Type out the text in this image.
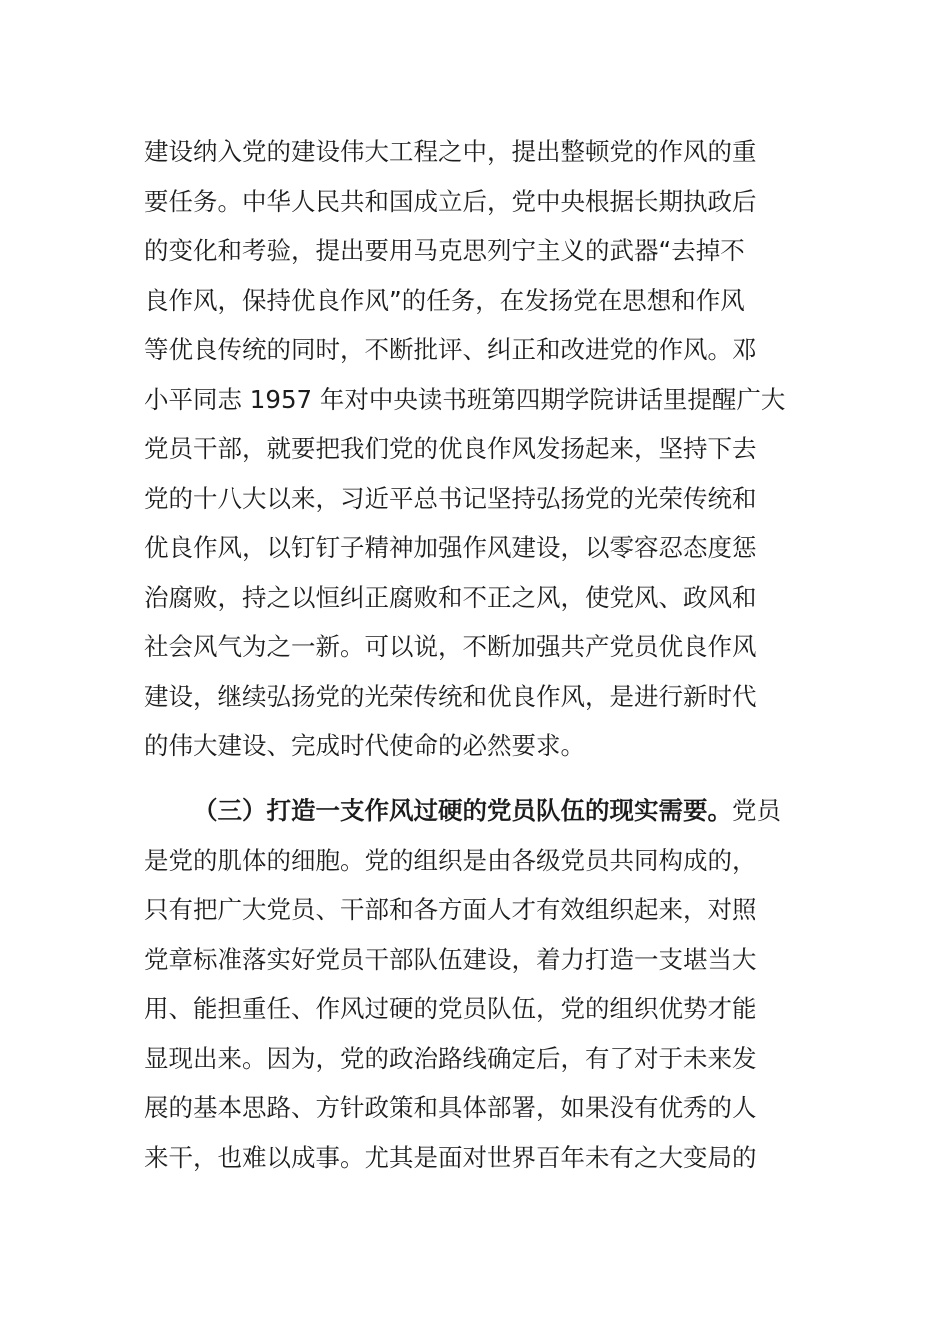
建设纳入党的建设伟大工程之中，提出整顿党的作风的重
要任务。中华人民共和国成立后，党中央根据长期执政后
的变化和考验，提出要用马克思列宁主义的武器“去掉不
良作风，保持优良作风”的任务，在发扬党在思想和作风
等优良传统的同时，不断批评、纠正和改进党的作风。邓
小平同志 1957 年对中央读书班第四期学院讲话里提醒广大
党员干部，就要把我们党的优良作风发扬起来，坚持下去
党的十八大以来，习近平总书记坚持弘扬党的光荣传统和
优良作风，以钉钉子精神加强作风建设，以零容忍态度惩
治腐败，持之以恒纠正腐败和不正之风，使党风、政风和
社会风气为之一新。可以说，不断加强共产党员优良作风
建设，继续弘扬党的光荣传统和优良作风，是进行新时代
的伟大建设、完成时代使命的必然要求。
（三）打造一支作风过硬的党员队伍的现实需要。党员
是党的肌体的细胞。党的组织是由各级党员共同构成的，
只有把广大党员、干部和各方面人才有效组织起来，对照
党章标准落实好党员干部队伍建设，着力打造一支堪当大
用、能担重任、作风过硬的党员队伍，党的组织优势才能
显现出来。因为，党的政治路线确定后，有了对于未来发
展的基本思路、方针政策和具体部署，如果没有优秀的人
来干，也难以成事。尤其是面对世界百年未有之大变局的
